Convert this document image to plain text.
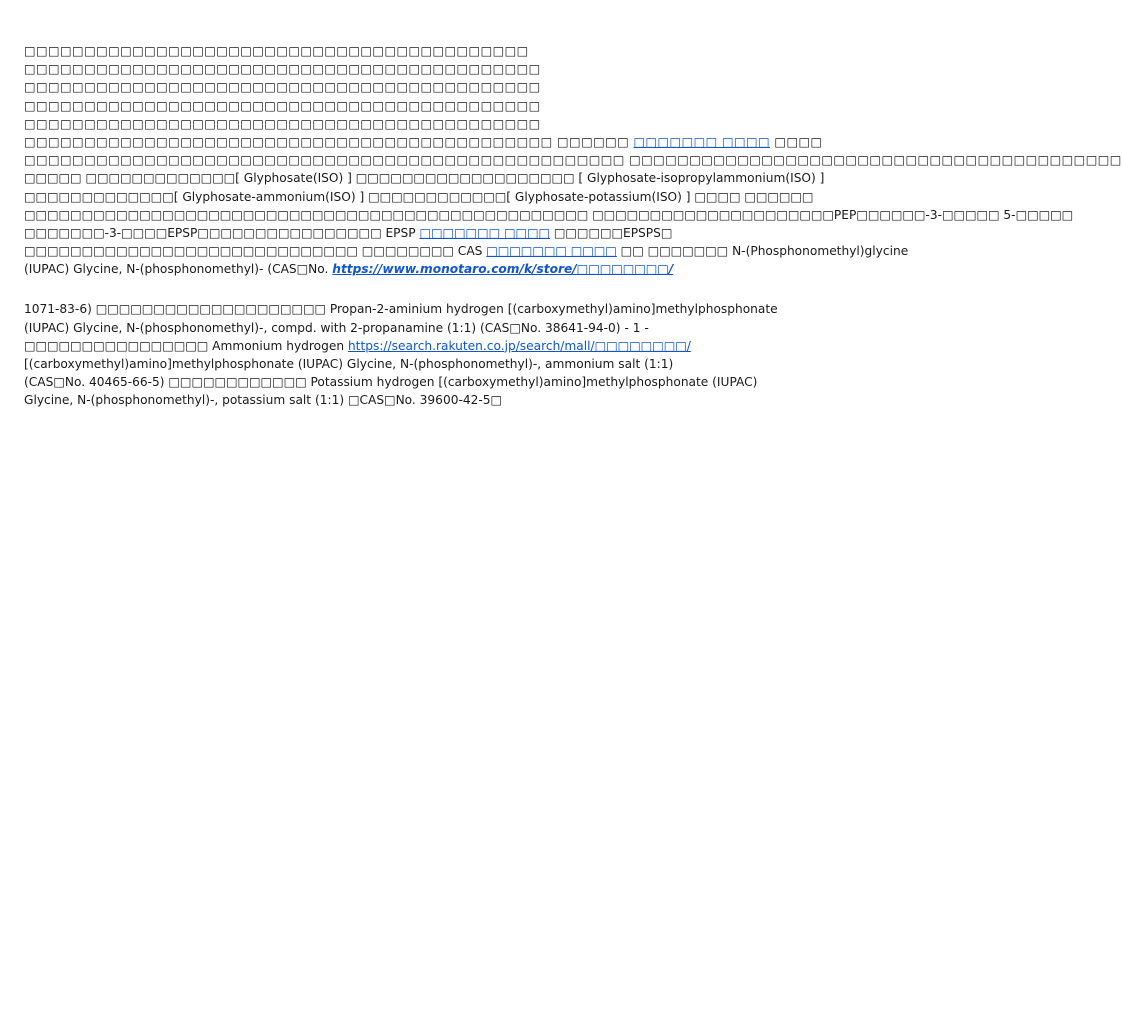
□□□□□□□□□□□□□□□□□□□□□□□□□□□□□□□□□□□□□□□□□□
□□□□□□□□□□□□□□□□□□□□□□□□□□□□□□□□□□□□□□□□□□□
□□□□□□□□□□□□□□□□□□□□□□□□□□□□□□□□□□□□□□□□□□□
□□□□□□□□□□□□□□□□□□□□□□□□□□□□□□□□□□□□□□□□□□□
□□□□□□□□□□□□□□□□□□□□□□□□□□□□□□□□□□□□□□□□□□□
□□□□□□□□□□□□□□□□□□□□□□□□□□□□□□□□□□□□□□□□□□□□ □□□□□□ □□□□□□□ □□□□ □□□□
□□□□□□□□□□□□□□□□□□□□□□□□□□□□□□□□□□□□□□□□□□□□□□□□□□ □□□□□□□□□□□□□□□□□□□□□□□□□□□□□□□□□□□□□□□□□
□□□□□ □□□□□□□□□□□□□[ Glyphosate(ISO) ] □□□□□□□□□□□□□□□□□□□ [ Glyphosate-isopropylammonium(ISO) ]
□□□□□□□□□□□□□[ Glyphosate-ammonium(ISO) ] □□□□□□□□□□□□[ Glyphosate-potassium(ISO) ] □□□□ □□□□□□
□□□□□□□□□□□□□□□□□□□□□□□□□□□□□□□□□□□□□□□□□□□□□□□□□ □□□□□□□□□□□□□□□□□□□□□PEP□□□□□□-3-□□□□□ 5-□□□□□
□□□□□□□-3-□□□□EPSP□□□□□□□□□□□□□□□□ EPSP □□□□□□□ □□□□ □□□□□□EPSPS□
□□□□□□□□□□□□□□□□□□□□□□□□□□□□□ □□□□□□□□ CAS □□□□□□□ □□□□ □□ □□□□□□□ N-(Phosphonomethyl)glycine
(IUPAC) Glycine, N-(phosphonomethyl)- (CAS□No. https://www.monotaro.com/k/store/□□□□□□□□/
1071-83-6) □□□□□□□□□□□□□□□□□□□□ Propan-2-aminium hydrogen [(carboxymethyl)amino]methylphosphonate
(IUPAC) Glycine, N-(phosphonomethyl)-, compd. with 2-propanamine (1:1) (CAS□No. 38641-94-0) - 1 -
□□□□□□□□□□□□□□□□ Ammonium hydrogen https://search.rakuten.co.jp/search/mall/□□□□□□□□/
[(carboxymethyl)amino]methylphosphonate (IUPAC) Glycine, N-(phosphonomethyl)-, ammonium salt (1:1)
(CAS□No. 40465-66-5) □□□□□□□□□□□□ Potassium hydrogen [(carboxymethyl)amino]methylphosphonate (IUPAC)
Glycine, N-(phosphonomethyl)-, potassium salt (1:1) □CAS□No. 39600-42-5□
